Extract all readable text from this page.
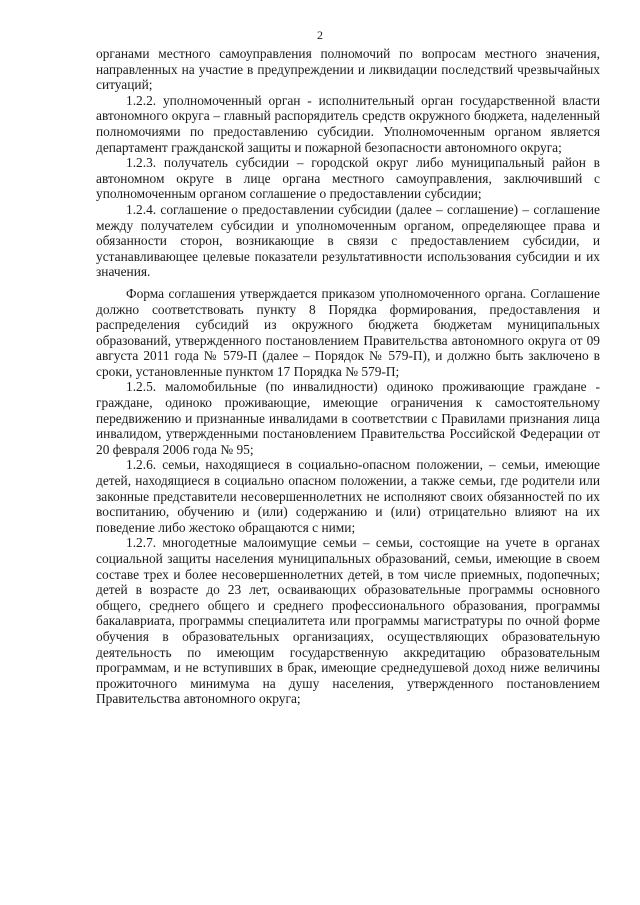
2

органами местного самоуправления полномочий по вопросам местного значения, направленных на участие в предупреждении и ликвидации последствий чрезвычайных ситуаций;

1.2.2. уполномоченный орган - исполнительный орган государственной власти автономного округа – главный распорядитель средств окружного бюджета, наделенный полномочиями по предоставлению субсидии. Уполномоченным органом является департамент гражданской защиты и пожарной безопасности автономного округа;

1.2.3. получатель субсидии – городской округ либо муниципальный район в автономном округе в лице органа местного самоуправления, заключивший с уполномоченным органом соглашение о предоставлении субсидии;

1.2.4. соглашение о предоставлении субсидии (далее – соглашение) – соглашение между получателем субсидии и уполномоченным органом, определяющее права и обязанности сторон, возникающие в связи с предоставлением субсидии, и устанавливающее целевые показатели результативности использования субсидии и их значения.

Форма соглашения утверждается приказом уполномоченного органа. Соглашение должно соответствовать пункту 8 Порядка формирования, предоставления и распределения субсидий из окружного бюджета бюджетам муниципальных образований, утвержденного постановлением Правительства автономного округа от 09 августа 2011 года № 579-П (далее – Порядок № 579-П), и должно быть заключено в сроки, установленные пунктом 17 Порядка № 579-П;

1.2.5. маломобильные (по инвалидности) одиноко проживающие граждане - граждане, одиноко проживающие, имеющие ограничения к самостоятельному передвижению и признанные инвалидами в соответствии с Правилами признания лица инвалидом, утвержденными постановлением Правительства Российской Федерации от 20 февраля 2006 года № 95;

1.2.6. семьи, находящиеся в социально-опасном положении, – семьи, имеющие детей, находящиеся в социально опасном положении, а также семьи, где родители или законные представители несовершеннолетних не исполняют своих обязанностей по их воспитанию, обучению и (или) содержанию и (или) отрицательно влияют на их поведение либо жестоко обращаются с ними;

1.2.7. многодетные малоимущие семьи – семьи, состоящие на учете в органах социальной защиты населения муниципальных образований, семьи, имеющие в своем составе трех и более несовершеннолетних детей, в том числе приемных, подопечных; детей в возрасте до 23 лет, осваивающих образовательные программы основного общего, среднего общего и среднего профессионального образования, программы бакалавриата, программы специалитета или программы магистратуры по очной форме обучения в образовательных организациях, осуществляющих образовательную деятельность по имеющим государственную аккредитацию образовательным программам, и не вступивших в брак, имеющие среднедушевой доход ниже величины прожиточного минимума на душу населения, утвержденного постановлением Правительства автономного округа;
